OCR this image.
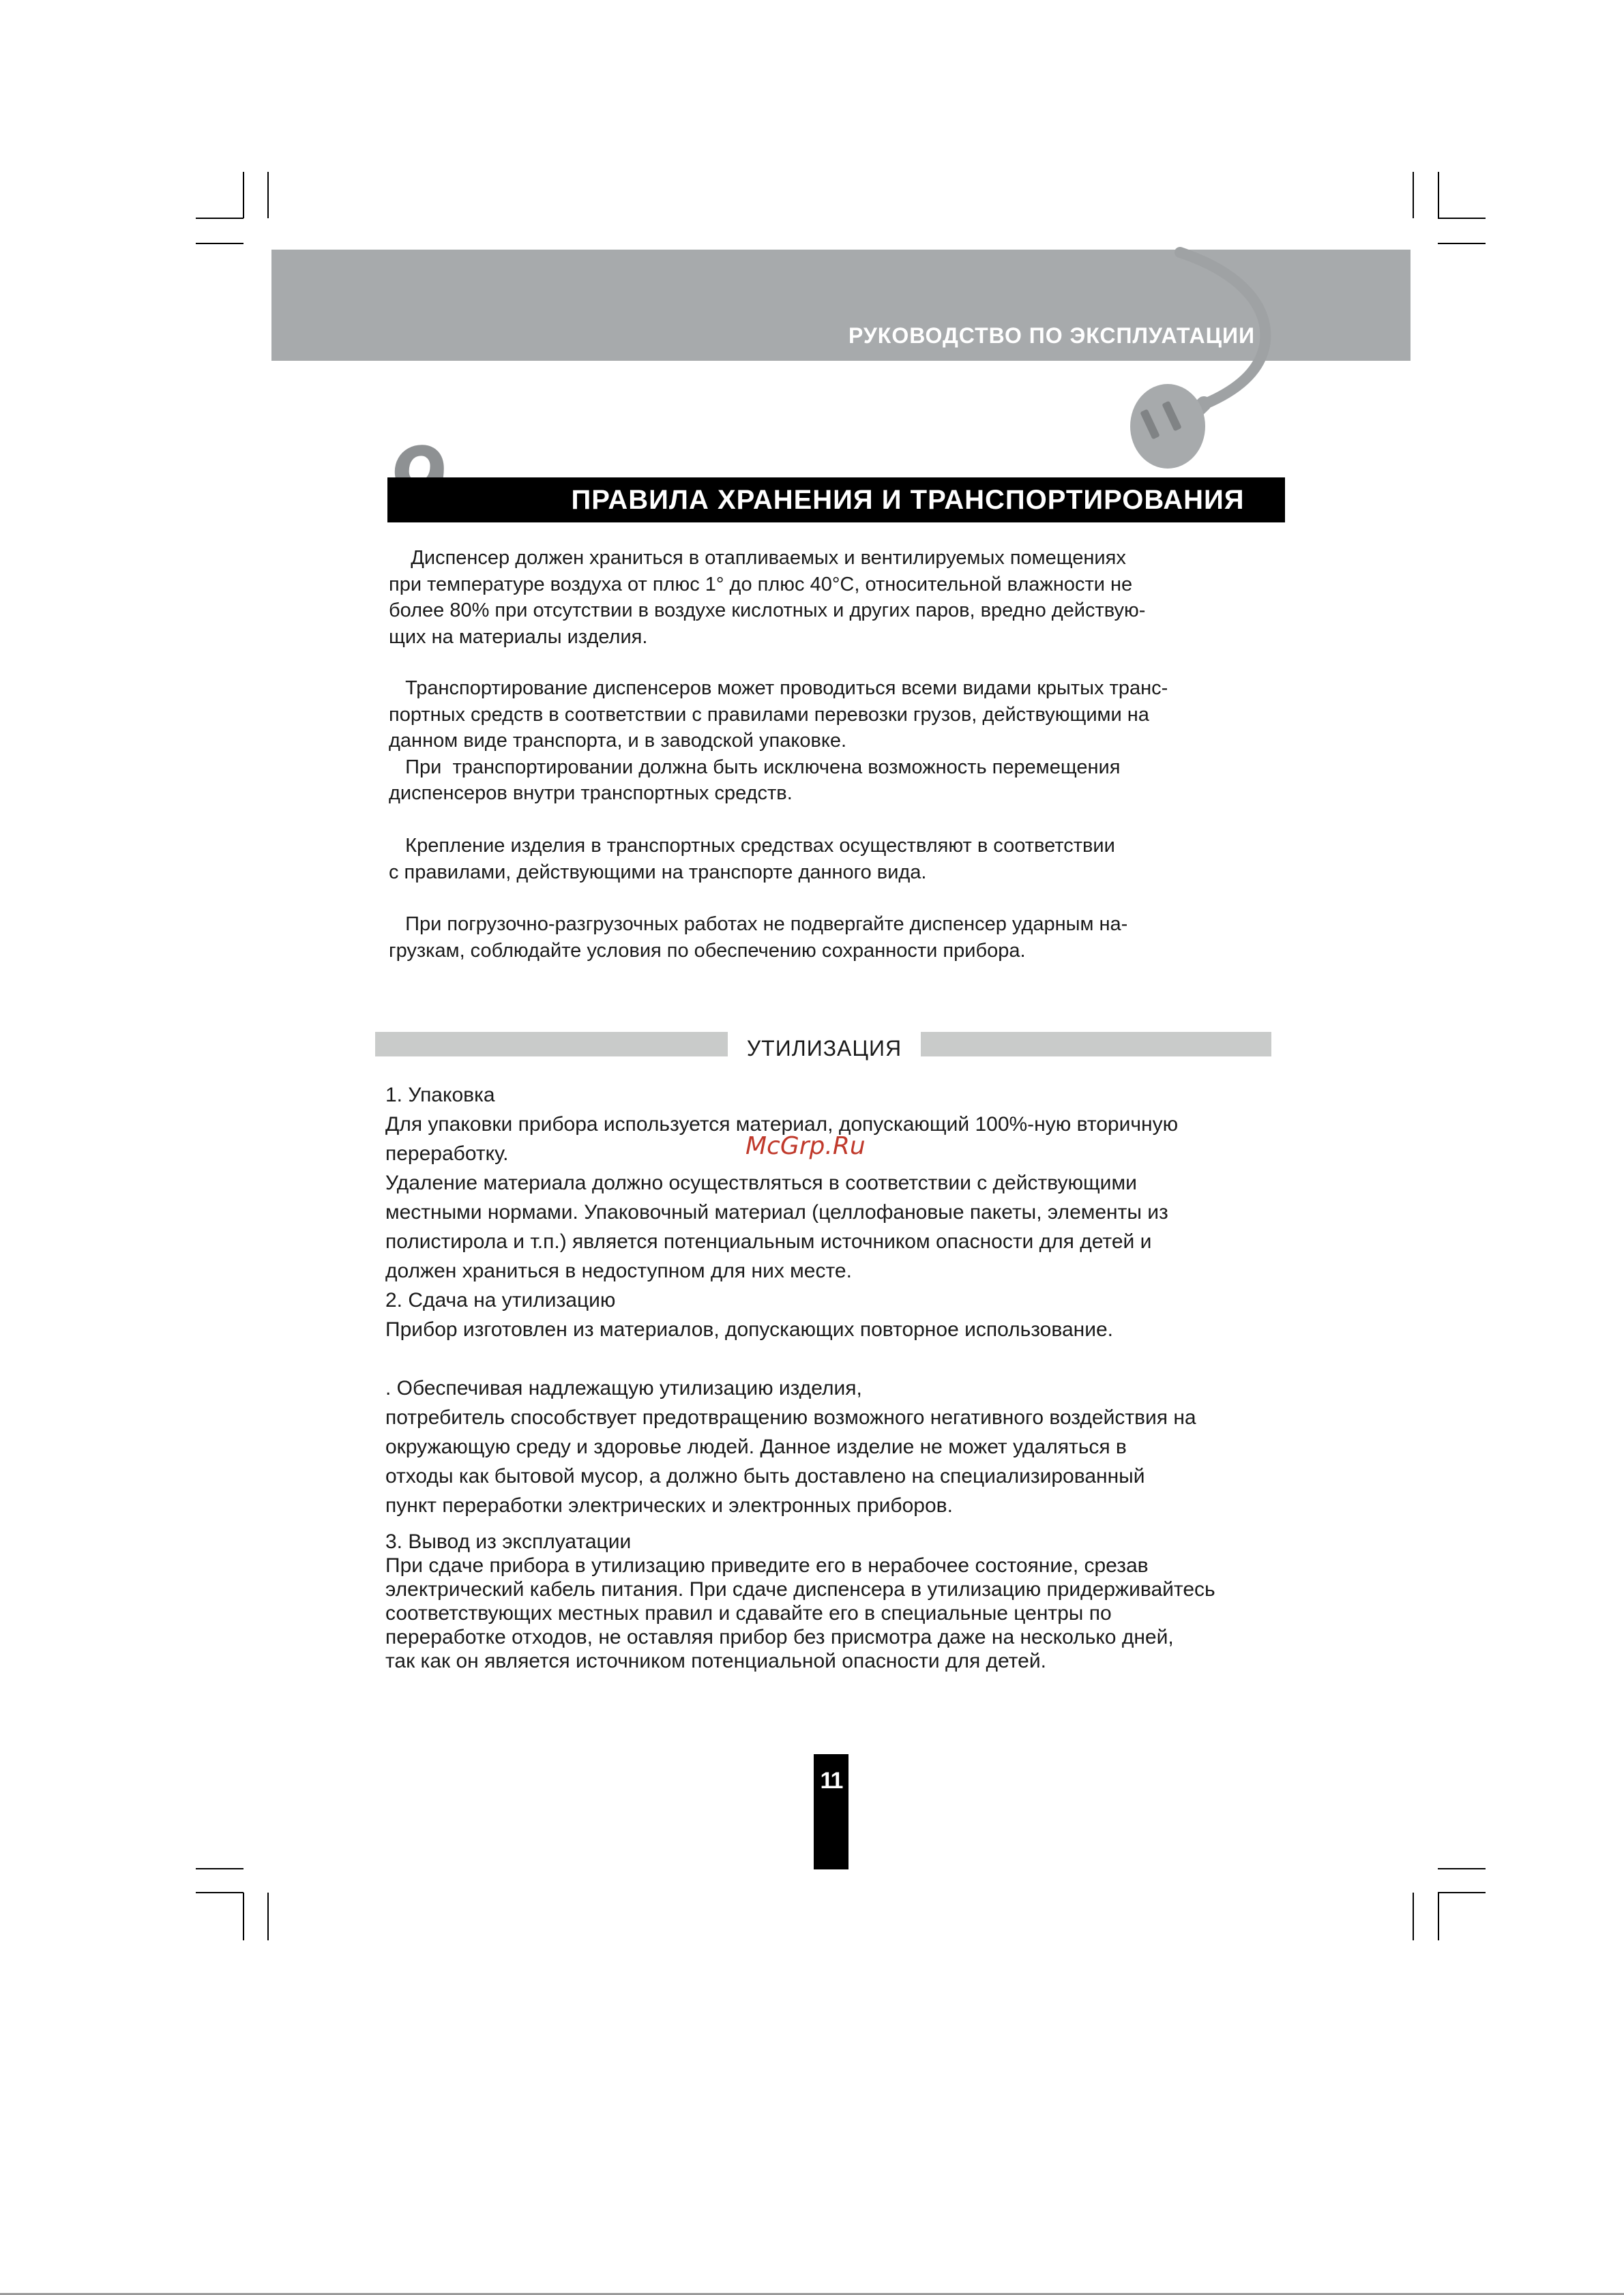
РУКОВОДСТВО ПО ЭКСПЛУАТАЦИИ
ПРАВИЛА ХРАНЕНИЯ И ТРАНСПОРТИРОВАНИЯ

Диспенсер должен храниться в отапливаемых и вентилируемых помещениях

при температуре воздуха от плюс 1° до плюс 40°С, относительной влажности не

более 80% при отсутствии в воздухе кислотных и других паров, вредно действую-

щих на материалы изделия.

Транспортирование диспенсеров может проводиться всеми видами крытых транс-

портных средств в соответствии с правилами перевозки грузов, действующими на

данном виде транспорта, и в заводской упаковке.

При  транспортировании должна быть исключена возможность перемещения

диспенсеров внутри транспортных средств.

Крепление изделия в транспортных средствах осуществляют в соответствии

с правилами, действующими на транспорте данного вида.

При погрузочно-разгрузочных работах не подвергайте диспенсер ударным на-

грузкам, соблюдайте условия по обеспечению сохранности прибора.

УТИЛИЗАЦИЯ

1. Упаковка

Для упаковки прибора используется материал, допускающий 100%-ную вторичную

переработку.

Удаление материала должно осуществляться в соответствии с действующими

местными нормами. Упаковочный материал (целлофановые пакеты, элементы из

полистирола и т.п.) является потенциальным источником опасности для детей и

должен храниться в недоступном для них месте.

2. Сдача на утилизацию

Прибор изготовлен из материалов, допускающих повторное использование.

. Обеспечивая надлежащую утилизацию изделия,

потребитель способствует предотвращению возможного негативного воздействия на

окружающую среду и здоровье людей. Данное изделие не может удаляться в

отходы как бытовой мусор, а должно быть доставлено на специализированный

пункт переработки электрических и электронных приборов.

3. Вывод из эксплуатации

При сдаче прибора в утилизацию приведите его в нерабочее состояние, срезав

электрический кабель питания. При сдаче диспенсера в утилизацию придерживайтесь

соответствующих местных правил и сдавайте его в специальные центры по

переработке отходов, не оставляя прибор без присмотра даже на несколько дней,

так как он является источником потенциальной опасности для детей.

McGrp.Ru
11
